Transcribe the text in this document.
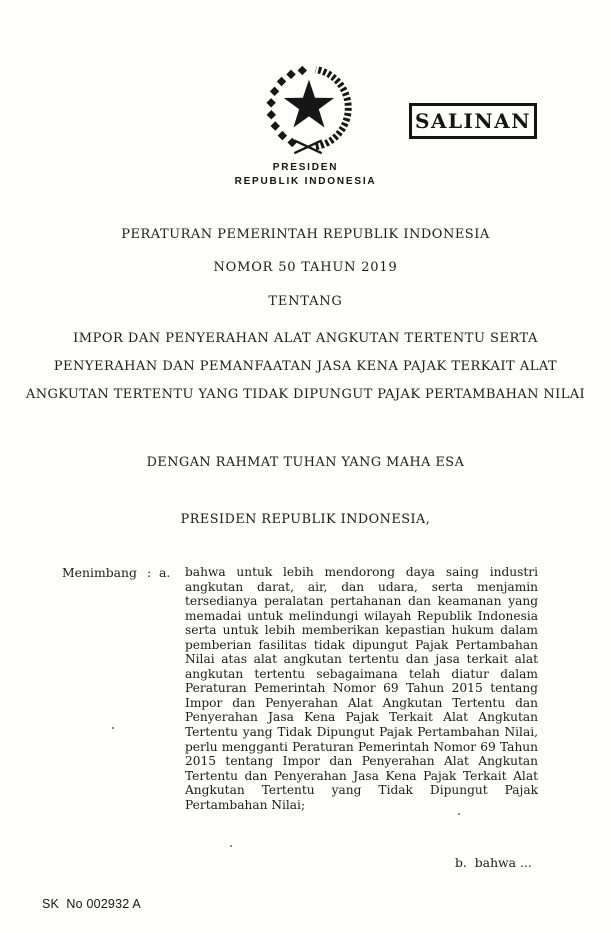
SALINAN
PRESIDEN
REPUBLIK INDONESIA
PERATURAN PEMERINTAH REPUBLIK INDONESIA
NOMOR 50 TAHUN 2019
TENTANG
IMPOR DAN PENYERAHAN ALAT ANGKUTAN TERTENTU SERTA
PENYERAHAN DAN PEMANFAATAN JASA KENA PAJAK TERKAIT ALAT
ANGKUTAN TERTENTU YANG TIDAK DIPUNGUT PAJAK PERTAMBAHAN NILAI
DENGAN RAHMAT TUHAN YANG MAHA ESA
PRESIDEN REPUBLIK INDONESIA,
Menimbang : a. bahwa untuk lebih mendorong daya saing industri
angkutan darat, air, dan udara, serta menjamin
tersedianya peralatan pertahanan dan keamanan yang
memadai untuk melindungi wilayah Republik Indonesia
serta untuk lebih memberikan kepastian hukum dalam
pemberian fasilitas tidak dipungut Pajak Pertambahan
Nilai atas alat angkutan tertentu dan jasa terkait alat
angkutan tertentu sebagaimana telah diatur dalam
Peraturan Pemerintah Nomor 69 Tahun 2015 tentang
Impor dan Penyerahan Alat Angkutan Tertentu dan
Penyerahan Jasa Kena Pajak Terkait Alat Angkutan
Tertentu yang Tidak Dipungut Pajak Pertambahan Nilai,
perlu mengganti Peraturan Pemerintah Nomor 69 Tahun
2015 tentang Impor dan Penyerahan Alat Angkutan
Tertentu dan Penyerahan Jasa Kena Pajak Terkait Alat
Angkutan Tertentu yang Tidak Dipungut Pajak
Pertambahan Nilai;
b.  bahwa ...
SK  No 002932 A
